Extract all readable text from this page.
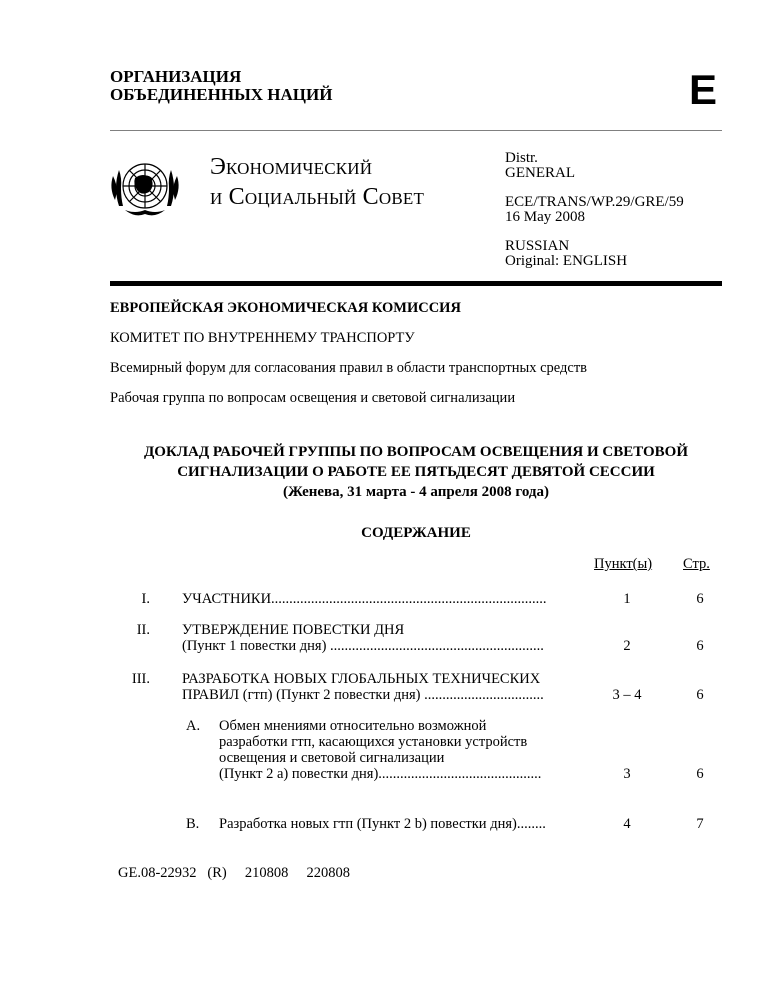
ОРГАНИЗАЦИЯ
ОБЪЕДИНЕННЫХ НАЦИЙ	E
Экономический
и Социальный Совет
Distr.
GENERAL
ECE/TRANS/WP.29/GRE/59
16 May 2008
RUSSIAN
Original: ENGLISH
ЕВРОПЕЙСКАЯ ЭКОНОМИЧЕСКАЯ КОМИССИЯ
КОМИТЕТ ПО ВНУТРЕННЕМУ ТРАНСПОРТУ
Всемирный форум для согласования правил в области транспортных средств
Рабочая группа по вопросам освещения и световой сигнализации
ДОКЛАД РАБОЧЕЙ ГРУППЫ ПО ВОПРОСАМ ОСВЕЩЕНИЯ И СВЕТОВОЙ
СИГНАЛИЗАЦИИ О РАБОТЕ ЕЕ ПЯТЬДЕСЯТ ДЕВЯТОЙ СЕССИИ
(Женева, 31 марта - 4 апреля 2008 года)
СОДЕРЖАНИЕ
Пункт(ы) Стр.
I. УЧАСТНИКИ............................................................................	1	6
II. УТВЕРЖДЕНИЕ ПОВЕСТКИ ДНЯ
(Пункт 1 повестки дня) ...........................................................	2	6
III. РАЗРАБОТКА НОВЫХ ГЛОБАЛЬНЫХ ТЕХНИЧЕСКИХ
ПРАВИЛ (гтп) (Пункт 2 повестки дня) .................................	3 – 4	6
A.	Обмен мнениями относительно возможной
разработки гтп, касающихся установки устройств
освещения и световой сигнализации
(Пункт 2 а) повестки дня).............................................	3	6
B.	Разработка новых гтп (Пункт 2 b) повестки дня)........	4	7
GE.08-22932 (R) 210808 220808
